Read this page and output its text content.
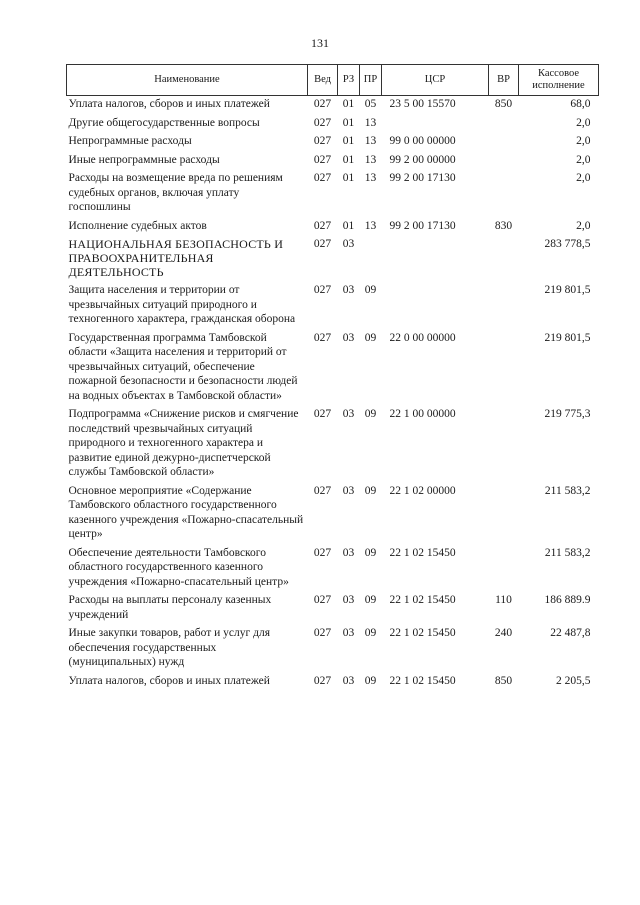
131
Наименование	Вед	РЗ	ПР	ЦСР	ВР	Кассовое исполнение
Уплата налогов, сборов и иных платежей	027	01	05	23 5 00 15570	850	68,0
Другие общегосударственные вопросы	027	01	13			2,0
Непрограммные расходы	027	01	13	99 0 00 00000		2,0
Иные непрограммные расходы	027	01	13	99 2 00 00000		2,0
Расходы на возмещение вреда по решениям судебных органов, включая уплату госпошлины	027	01	13	99 2 00 17130		2,0
Исполнение судебных актов	027	01	13	99 2 00 17130	830	2,0
НАЦИОНАЛЬНАЯ БЕЗОПАСНОСТЬ И ПРАВООХРАНИТЕЛЬНАЯ ДЕЯТЕЛЬНОСТЬ	027	03				283 778,5
Защита населения и территории от чрезвычайных ситуаций природного и техногенного характера, гражданская оборона	027	03	09			219 801,5
Государственная программа Тамбовской области «Защита населения и территорий от чрезвычайных ситуаций, обеспечение пожарной безопасности и безопасности людей на водных объектах в Тамбовской области»	027	03	09	22 0 00 00000		219 801,5
Подпрограмма «Снижение рисков и смягчение последствий чрезвычайных ситуаций природного и техногенного характера и развитие единой дежурно-диспетчерской службы Тамбовской области»	027	03	09	22 1 00 00000		219 775,3
Основное мероприятие «Содержание Тамбовского областного государственного казенного учреждения «Пожарно-спасательный центр»	027	03	09	22 1 02 00000		211 583,2
Обеспечение деятельности Тамбовского областного государственного казенного учреждения «Пожарно-спасательный центр»	027	03	09	22 1 02 15450		211 583,2
Расходы на выплаты персоналу казенных учреждений	027	03	09	22 1 02 15450	110	186 889.9
Иные закупки товаров, работ и услуг для обеспечения государственных (муниципальных) нужд	027	03	09	22 1 02 15450	240	22 487,8
Уплата налогов, сборов и иных платежей	027	03	09	22 1 02 15450	850	2 205,5
